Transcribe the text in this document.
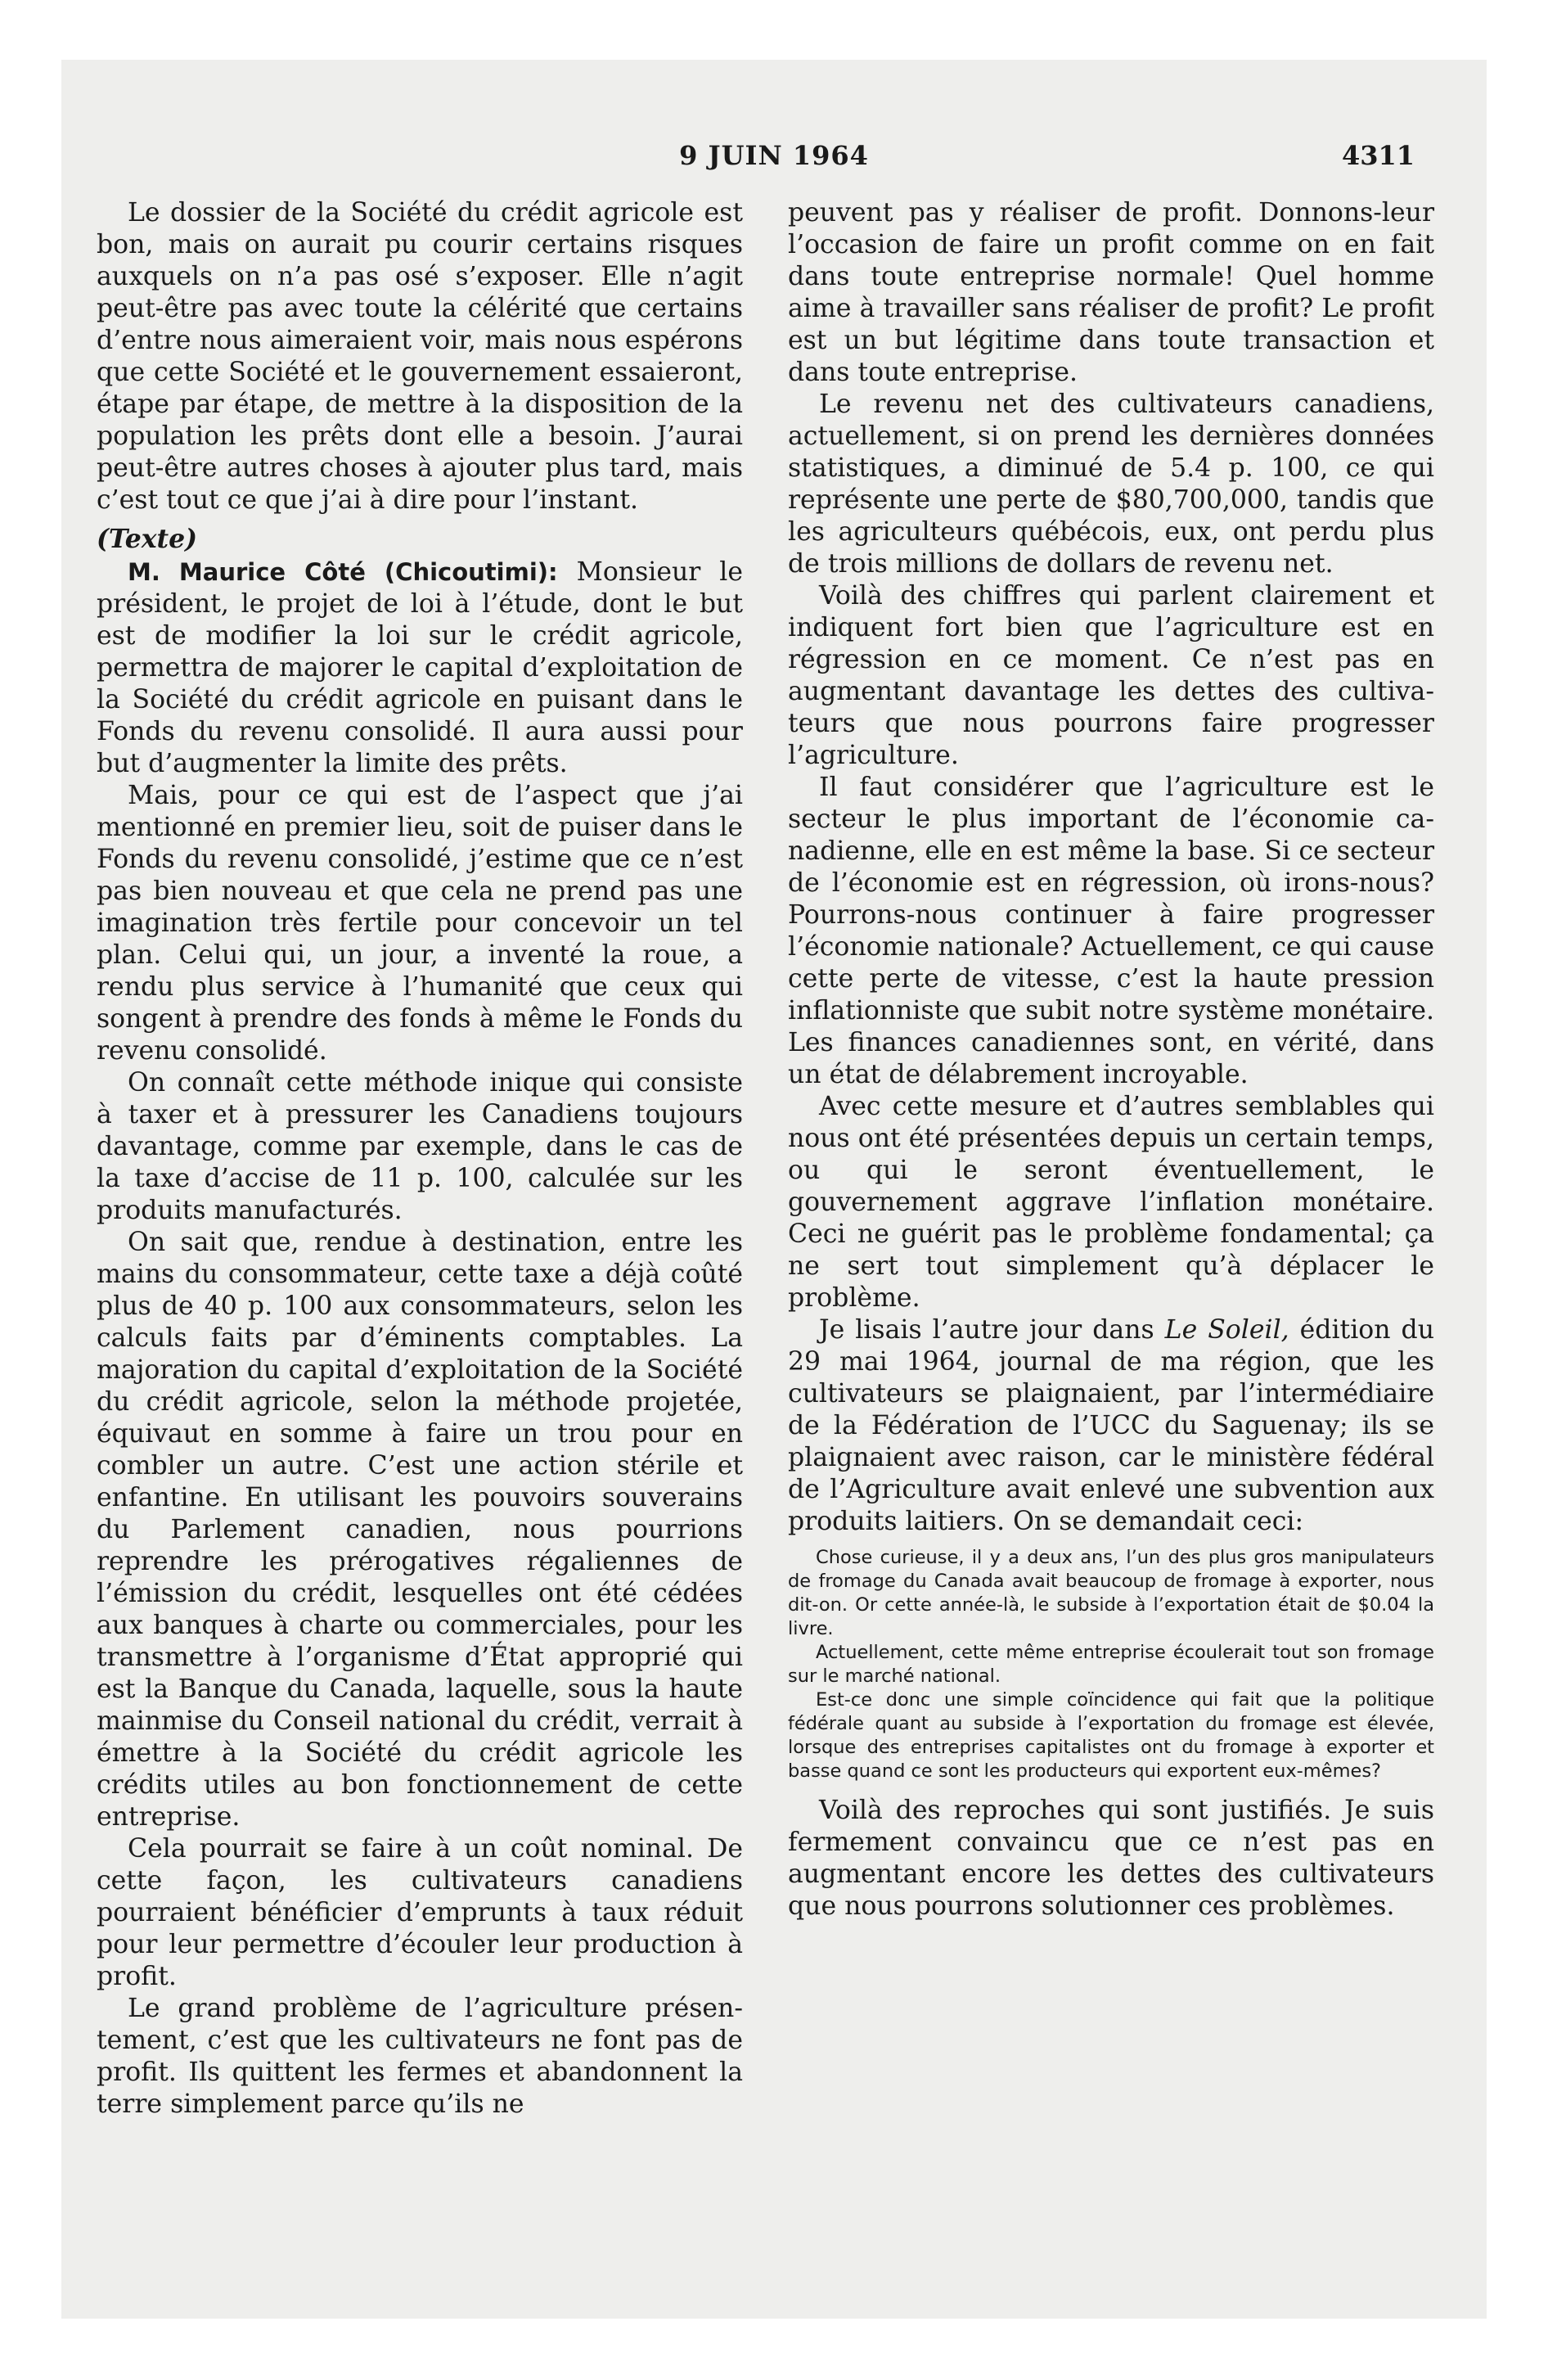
9 JUIN 1964	4311

Le dossier de la Société du crédit agricole est bon, mais on aurait pu courir certains risques auxquels on n’a pas osé s’exposer. Elle n’agit peut-être pas avec toute la célérité que certains d’entre nous aimeraient voir, mais nous espérons que cette Société et le gouvernement essaieront, étape par étape, de mettre à la disposition de la population les prêts dont elle a besoin. J’aurai peut-être autres choses à ajouter plus tard, mais c’est tout ce que j’ai à dire pour l’instant.

(Texte)

M. Maurice Côté (Chicoutimi): Monsieur le président, le projet de loi à l’étude, dont le but est de modifier la loi sur le crédit agricole, permettra de majorer le capital d’exploitation de la Société du crédit agricole en puisant dans le Fonds du revenu consolidé. Il aura aussi pour but d’augmenter la limite des prêts.

Mais, pour ce qui est de l’aspect que j’ai mentionné en premier lieu, soit de puiser dans le Fonds du revenu consolidé, j’estime que ce n’est pas bien nouveau et que cela ne prend pas une imagination très fertile pour concevoir un tel plan. Celui qui, un jour, a inventé la roue, a rendu plus service à l’humanité que ceux qui songent à prendre des fonds à même le Fonds du revenu consolidé.

On connaît cette méthode inique qui consiste à taxer et à pressurer les Canadiens toujours davantage, comme par exemple, dans le cas de la taxe d’accise de 11 p. 100, calculée sur les produits manufacturés.

On sait que, rendue à destination, entre les mains du consommateur, cette taxe a déjà coûté plus de 40 p. 100 aux consommateurs, selon les calculs faits par d’éminents comptables. La majoration du capital d’exploitation de la Société du crédit agricole, selon la méthode projetée, équivaut en somme à faire un trou pour en combler un autre. C’est une action stérile et enfantine. En utilisant les pouvoirs souverains du Parlement canadien, nous pourrions reprendre les prérogatives régaliennes de l’émission du crédit, lesquelles ont été cédées aux banques à charte ou commerciales, pour les transmettre à l’organisme d’État approprié qui est la Banque du Canada, laquelle, sous la haute mainmise du Conseil national du crédit, verrait à émettre à la Société du crédit agricole les crédits utiles au bon fonctionnement de cette entreprise.

Cela pourrait se faire à un coût nominal. De cette façon, les cultivateurs canadiens pourraient bénéficier d’emprunts à taux réduit pour leur permettre d’écouler leur production à profit.

Le grand problème de l’agriculture présentement, c’est que les cultivateurs ne font pas de profit. Ils quittent les fermes et abandonnent la terre simplement parce qu’ils ne

peuvent pas y réaliser de profit. Donnons-leur l’occasion de faire un profit comme on en fait dans toute entreprise normale! Quel homme aime à travailler sans réaliser de profit? Le profit est un but légitime dans toute transaction et dans toute entreprise.

Le revenu net des cultivateurs canadiens, actuellement, si on prend les dernières données statistiques, a diminué de 5.4 p. 100, ce qui représente une perte de $80,700,000, tandis que les agriculteurs québécois, eux, ont perdu plus de trois millions de dollars de revenu net.

Voilà des chiffres qui parlent clairement et indiquent fort bien que l’agriculture est en régression en ce moment. Ce n’est pas en augmentant davantage les dettes des cultivateurs que nous pourrons faire progresser l’agriculture.

Il faut considérer que l’agriculture est le secteur le plus important de l’économie canadienne, elle en est même la base. Si ce secteur de l’économie est en régression, où irons-nous? Pourrons-nous continuer à faire progresser l’économie nationale? Actuellement, ce qui cause cette perte de vitesse, c’est la haute pression inflationniste que subit notre système monétaire. Les finances canadiennes sont, en vérité, dans un état de délabrement incroyable.

Avec cette mesure et d’autres semblables qui nous ont été présentées depuis un certain temps, ou qui le seront éventuellement, le gouvernement aggrave l’inflation monétaire. Ceci ne guérit pas le problème fondamental; ça ne sert tout simplement qu’à déplacer le problème.

Je lisais l’autre jour dans Le Soleil, édition du 29 mai 1964, journal de ma région, que les cultivateurs se plaignaient, par l’intermédiaire de la Fédération de l’UCC du Saguenay; ils se plaignaient avec raison, car le ministère fédéral de l’Agriculture avait enlevé une subvention aux produits laitiers. On se demandait ceci:

Chose curieuse, il y a deux ans, l’un des plus gros manipulateurs de fromage du Canada avait beaucoup de fromage à exporter, nous dit-on. Or cette année-là, le subside à l’exportation était de $0.04 la livre.

Actuellement, cette même entreprise écoulerait tout son fromage sur le marché national.

Est-ce donc une simple coïncidence qui fait que la politique fédérale quant au subside à l’exportation du fromage est élevée, lorsque des entreprises capitalistes ont du fromage à exporter et basse quand ce sont les producteurs qui exportent eux-mêmes?

Voilà des reproches qui sont justifiés. Je suis fermement convaincu que ce n’est pas en augmentant encore les dettes des cultivateurs que nous pourrons solutionner ces problèmes.
